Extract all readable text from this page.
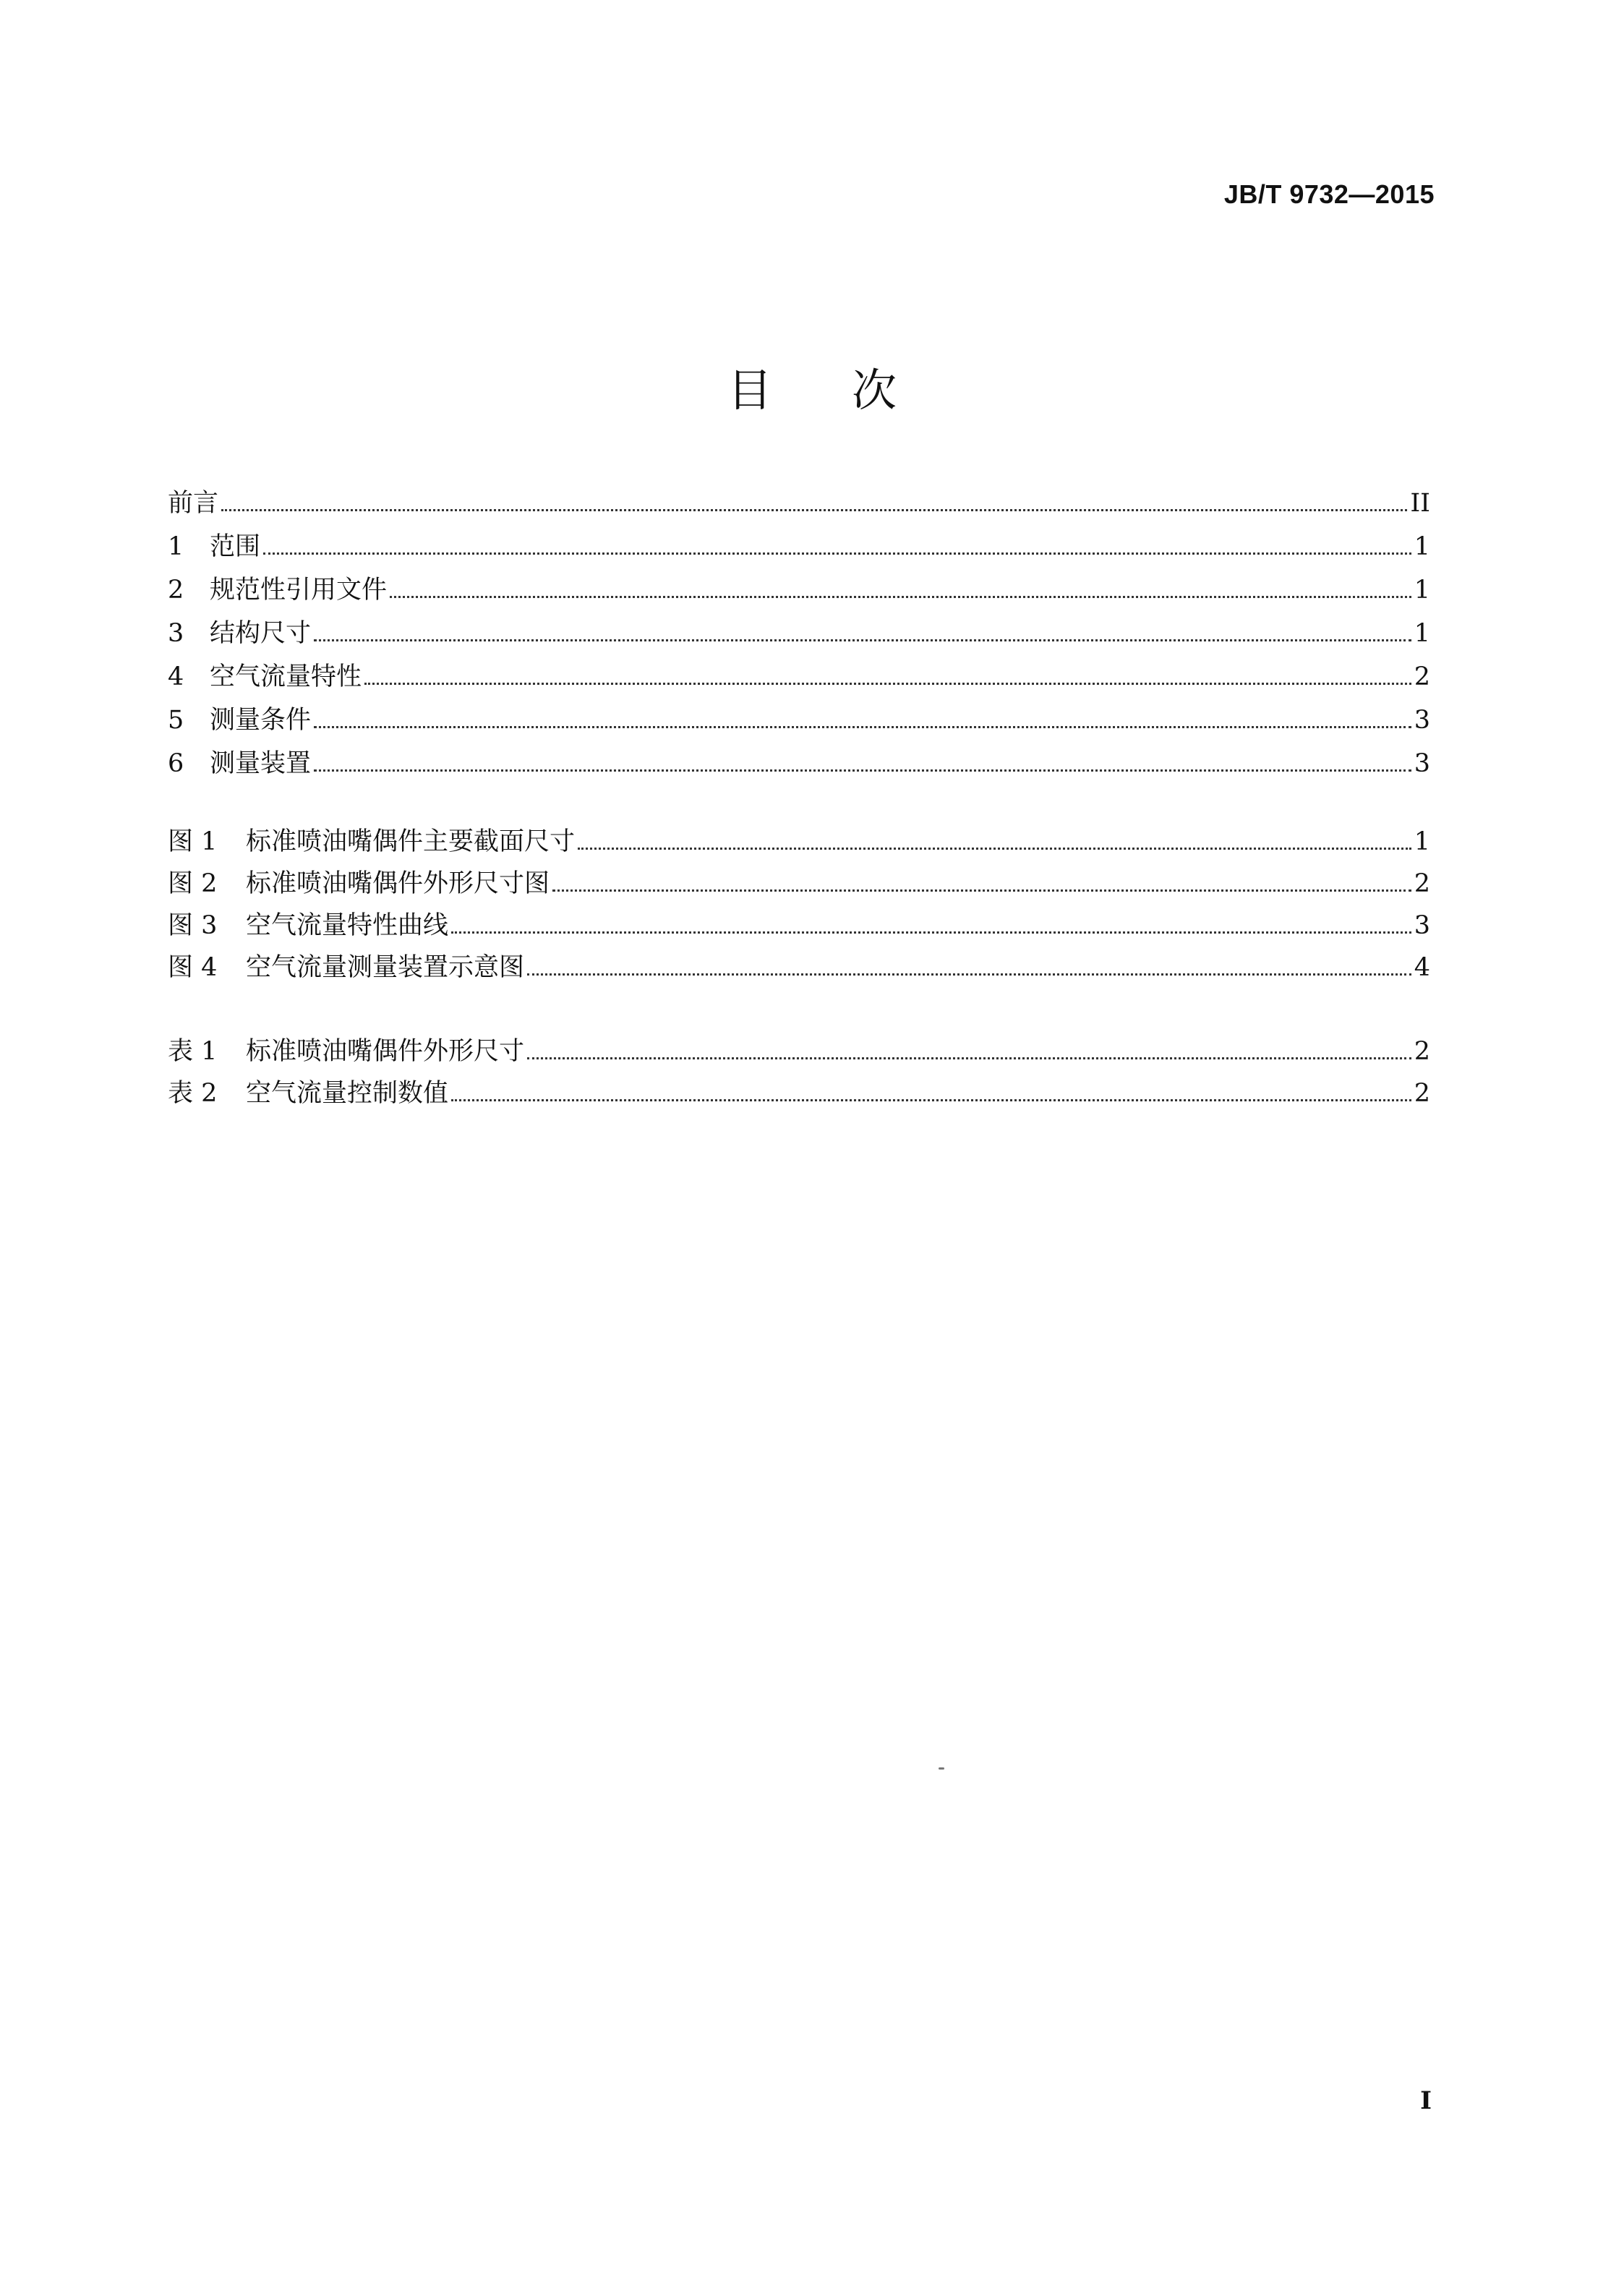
JB/T 9732—2015
目 次
前言	II
1	范围	1
2	规范性引用文件	1
3	结构尺寸	1
4	空气流量特性	2
5	测量条件	3
6	测量装置	3
图 1	标准喷油嘴偶件主要截面尺寸	1
图 2	标准喷油嘴偶件外形尺寸图	2
图 3	空气流量特性曲线	3
图 4	空气流量测量装置示意图	4
表 1	标准喷油嘴偶件外形尺寸	2
表 2	空气流量控制数值	2
I
